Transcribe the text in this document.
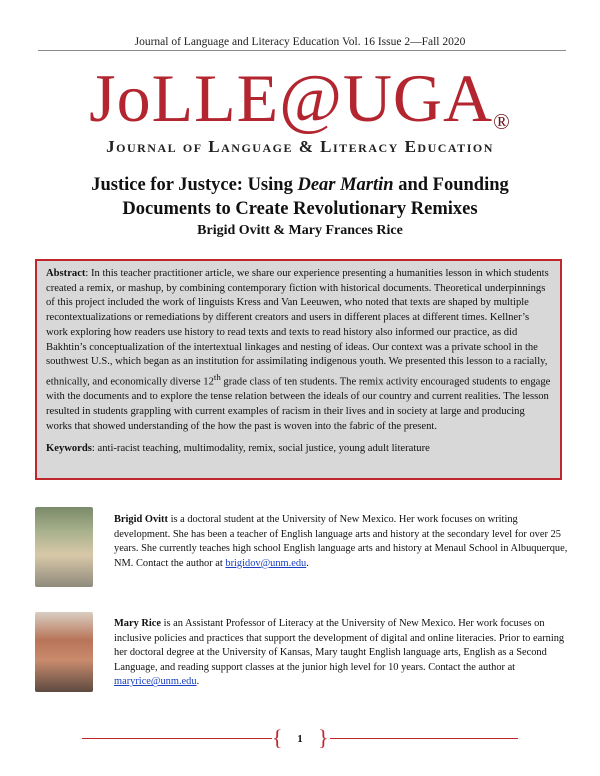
Journal of Language and Literacy Education Vol. 16 Issue 2—Fall 2020
JoLLE@UGA®
Journal of Language & Literacy Education
Justice for Justyce: Using Dear Martin and Founding Documents to Create Revolutionary Remixes
Brigid Ovitt & Mary Frances Rice

Abstract: In this teacher practitioner article, we share our experience presenting a humanities lesson in which students created a remix, or mashup, by combining contemporary fiction with historical documents. Theoretical underpinnings of this project included the work of linguists Kress and Van Leeuwen, who noted that texts are shaped by multiple recontextualizations or remediations by different creators and users in different places at different times. Kellner’s work exploring how readers use history to read texts and texts to read history also informed our practice, as did Bakhtin’s conceptualization of the intertextual linkages and nesting of ideas. Our context was a private school in the southwest U.S., which began as an institution for assimilating indigenous youth. We presented this lesson to a racially, ethnically, and economically diverse 12th grade class of ten students. The remix activity encouraged students to engage with the documents and to explore the tense relation between the ideals of our country and current realities. The lesson resulted in students grappling with current examples of racism in their lives and in society at large and producing works that showed understanding of the how the past is woven into the fabric of the present.

Keywords: anti-racist teaching, multimodality, remix, social justice, young adult literature

Brigid Ovitt is a doctoral student at the University of New Mexico. Her work focuses on writing development. She has been a teacher of English language arts and history at the secondary level for over 25 years. She currently teaches high school English language arts and history at Menaul School in Albuquerque, NM. Contact the author at brigidov@unm.edu.
Mary Rice is an Assistant Professor of Literacy at the University of New Mexico. Her work focuses on inclusive policies and practices that support the development of digital and online literacies. Prior to earning her doctoral degree at the University of Kansas, Mary taught English language arts, English as a Second Language, and reading support classes at the junior high level for 10 years. Contact the author at maryrice@unm.edu.
{	1 }
